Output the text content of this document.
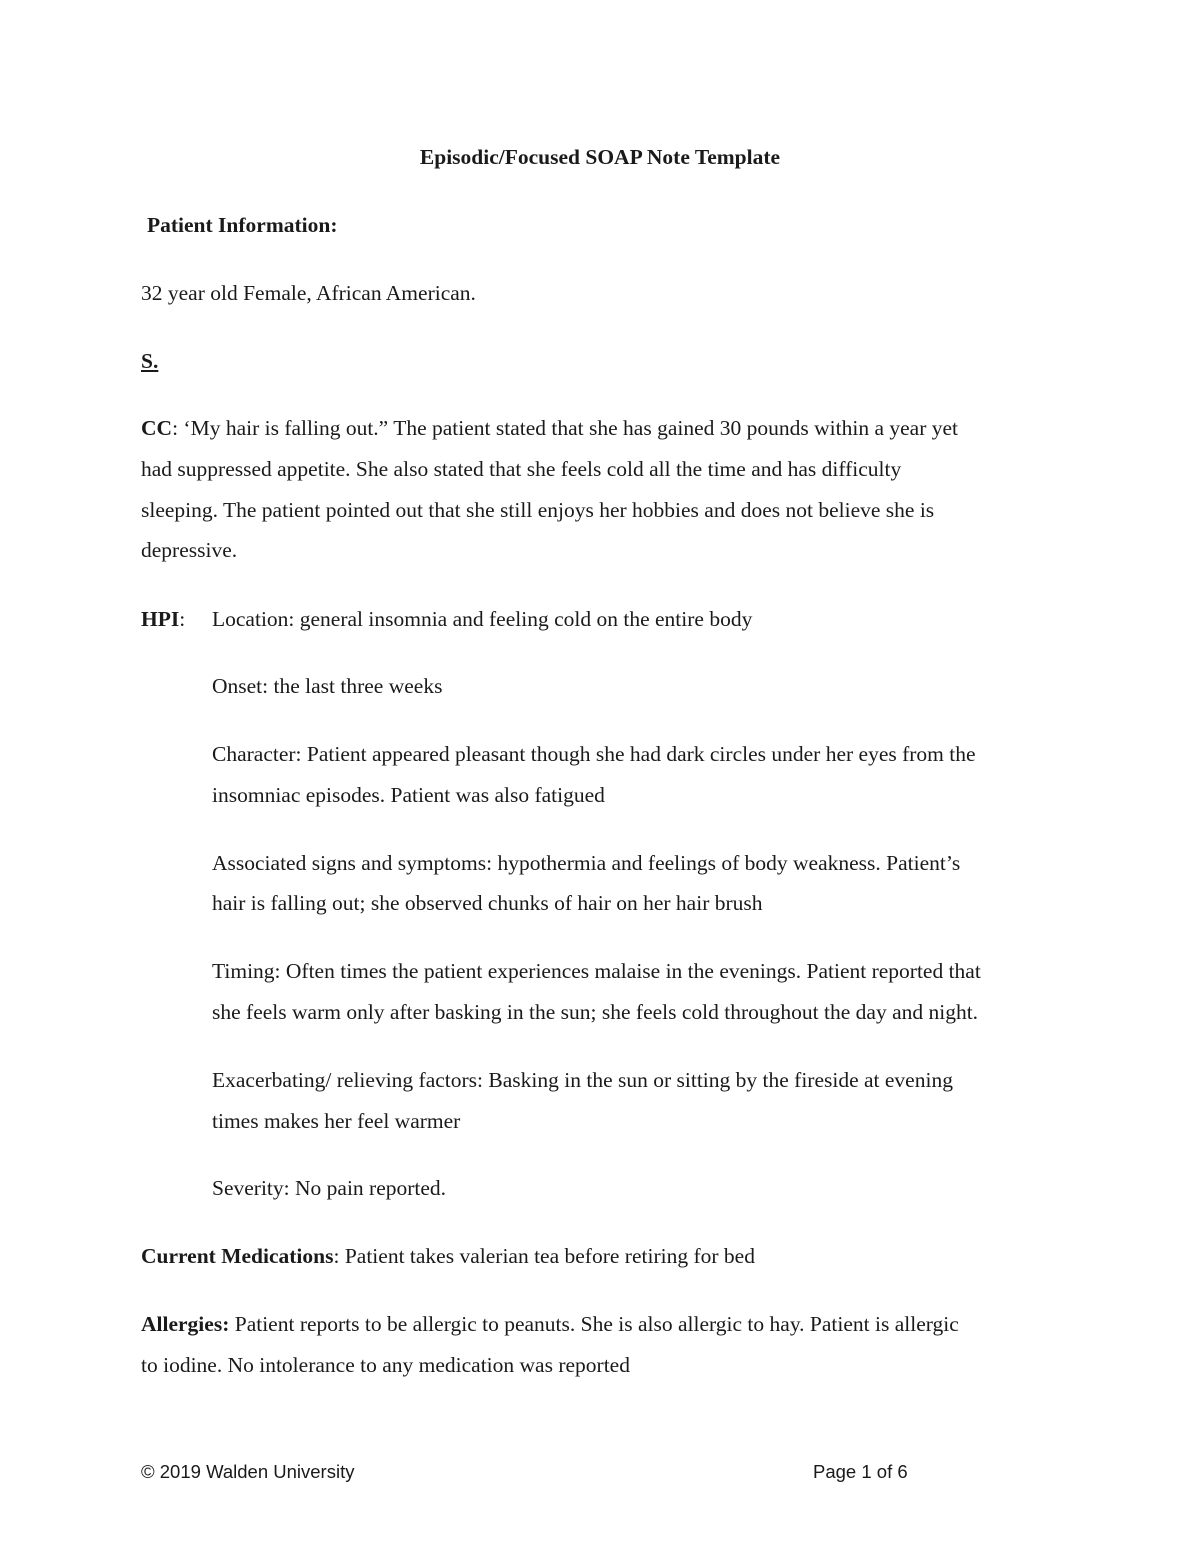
Episodic/Focused SOAP Note Template
Patient Information:
32 year old Female, African American.
S.
CC: ‘My hair is falling out.” The patient stated that she has gained 30 pounds within a year yet
had suppressed appetite. She also stated that she feels cold all the time and has difficulty
sleeping. The patient pointed out that she still enjoys her hobbies and does not believe she is
depressive.
HPI: Location: general insomnia and feeling cold on the entire body
Onset: the last three weeks
Character: Patient appeared pleasant though she had dark circles under her eyes from the
insomniac episodes. Patient was also fatigued
Associated signs and symptoms: hypothermia and feelings of body weakness. Patient’s
hair is falling out; she observed chunks of hair on her hair brush
Timing: Often times the patient experiences malaise in the evenings. Patient reported that
she feels warm only after basking in the sun; she feels cold throughout the day and night.
Exacerbating/ relieving factors: Basking in the sun or sitting by the fireside at evening
times makes her feel warmer
Severity: No pain reported.
Current Medications: Patient takes valerian tea before retiring for bed
Allergies: Patient reports to be allergic to peanuts. She is also allergic to hay. Patient is allergic
to iodine. No intolerance to any medication was reported
© 2019 Walden University	Page 1 of 6
